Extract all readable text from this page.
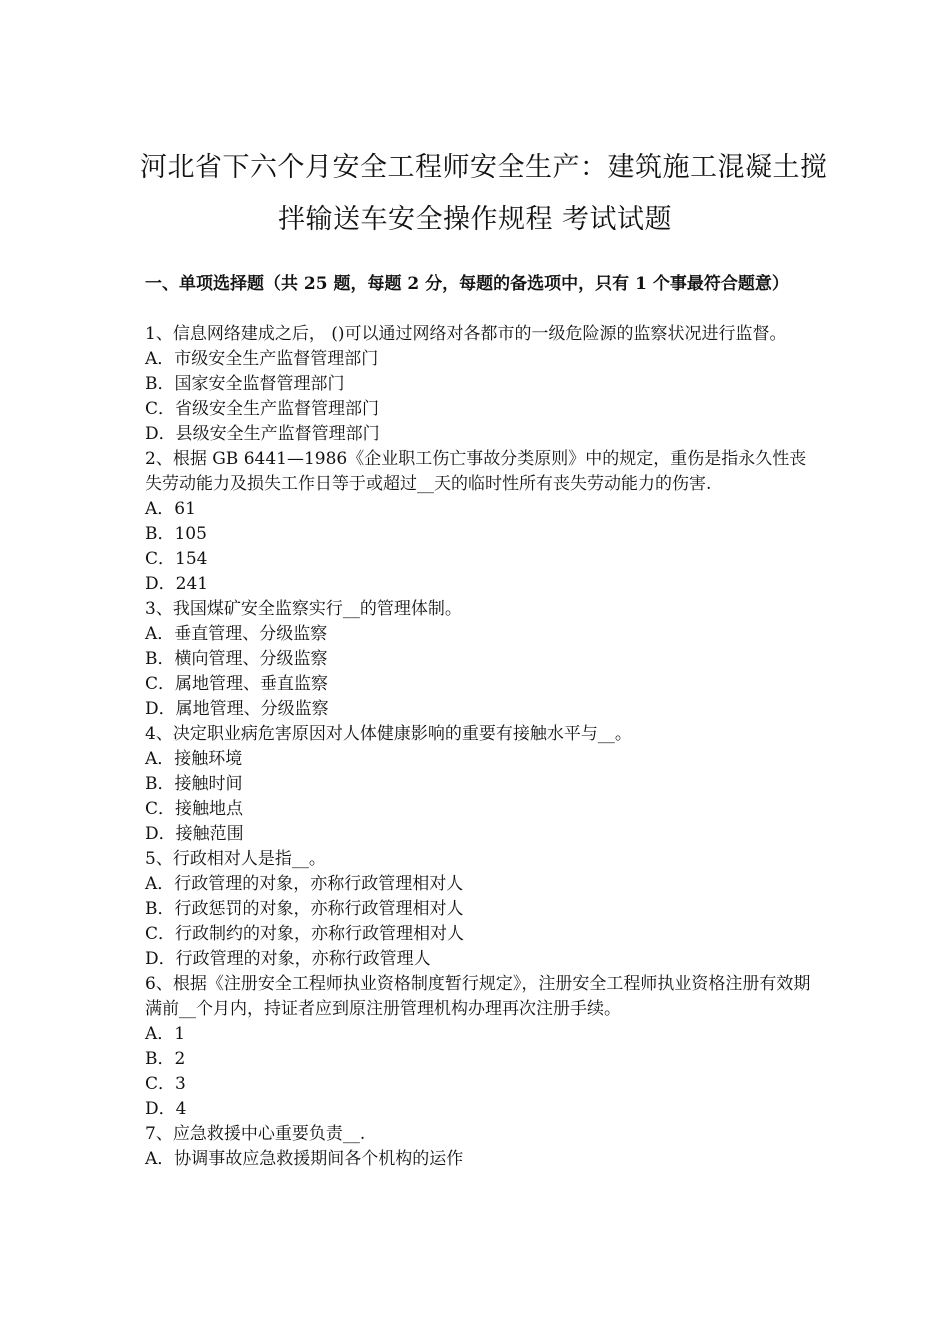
河北省下六个月安全工程师安全生产：建筑施工混凝土搅
拌输送车安全操作规程 考试试题
一、单项选择题（共 25 题，每题 2 分，每题的备选项中，只有 1 个事最符合题意）

1、信息网络建成之后， ()可以通过网络对各都市的一级危险源的监察状况进行监督。

A．市级安全生产监督管理部门

B．国家安全监督管理部门

C．省级安全生产监督管理部门

D．县级安全生产监督管理部门

2、根据 GB 6441—1986《企业职工伤亡事故分类原则》中的规定，重伤是指永久性丧失劳动能力及损失工作日等于或超过__天的临时性所有丧失劳动能力的伤害.

A．61

B．105

C．154

D．241

3、我国煤矿安全监察实行__的管理体制。

A．垂直管理、分级监察

B．横向管理、分级监察

C．属地管理、垂直监察

D．属地管理、分级监察

4、决定职业病危害原因对人体健康影响的重要有接触水平与__。

A．接触环境

B．接触时间

C．接触地点

D．接触范围

5、行政相对人是指__。

A．行政管理的对象，亦称行政管理相对人

B．行政惩罚的对象，亦称行政管理相对人

C．行政制约的对象，亦称行政管理相对人

D．行政管理的对象，亦称行政管理人

6、根据《注册安全工程师执业资格制度暂行规定》，注册安全工程师执业资格注册有效期满前__个月内，持证者应到原注册管理机构办理再次注册手续。

A．1

B．2

C．3

D．4

7、应急救援中心重要负责__.

A．协调事故应急救援期间各个机构的运作
